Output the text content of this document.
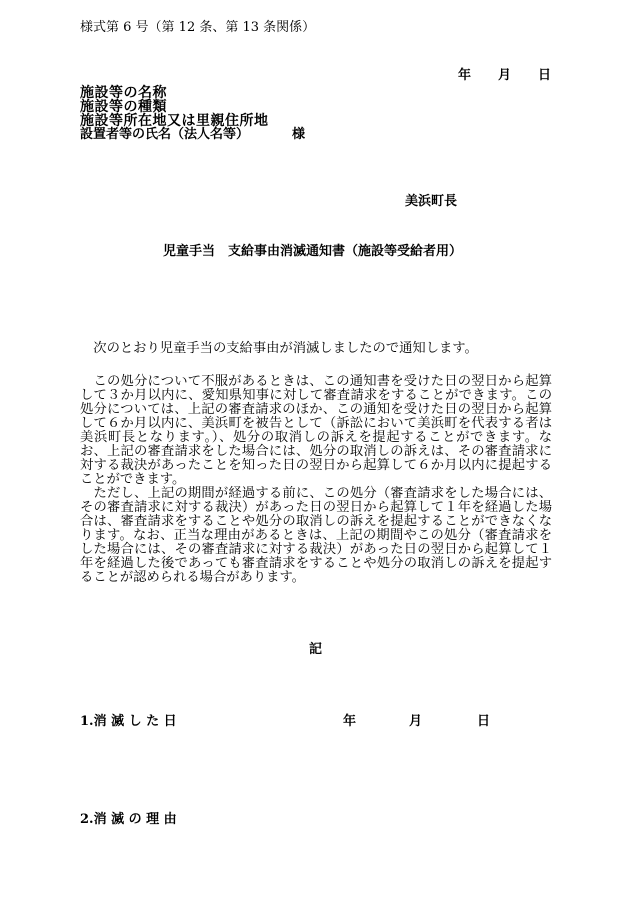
様式第 6 号（第 12 条、第 13 条関係）
年 月 日
施設等の名称
施設等の種類
施設等所在地又は里親住所地
設置者等の氏名（法人名等）	様
美浜町長
児童手当　支給事由消滅通知書（施設等受給者用）
　次のとおり児童手当の支給事由が消滅しましたので通知します。
　この処分について不服があるときは、この通知書を受けた日の翌日から起算
して３か月以内に、愛知県知事に対して審査請求をすることができます。この
処分については、上記の審査請求のほか、この通知を受けた日の翌日から起算
して６か月以内に、美浜町を被告として（訴訟において美浜町を代表する者は
美浜町長となります。）、処分の取消しの訴えを提起することができます。な
お、上記の審査請求をした場合には、処分の取消しの訴えは、その審査請求に
対する裁決があったことを知った日の翌日から起算して６か月以内に提起する
ことができます。
　ただし、上記の期間が経過する前に、この処分（審査請求をした場合には、
その審査請求に対する裁決）があった日の翌日から起算して１年を経過した場
合は、審査請求をすることや処分の取消しの訴えを提起することができなくな
ります。なお、正当な理由があるときは、上記の期間やこの処分（審査請求を
した場合には、その審査請求に対する裁決）があった日の翌日から起算して１
年を経過した後であっても審査請求をすることや処分の取消しの訴えを提起す
ることが認められる場合があります。
記
1.消 滅 し た 日	年	月	日
2.消 滅 の 理 由
